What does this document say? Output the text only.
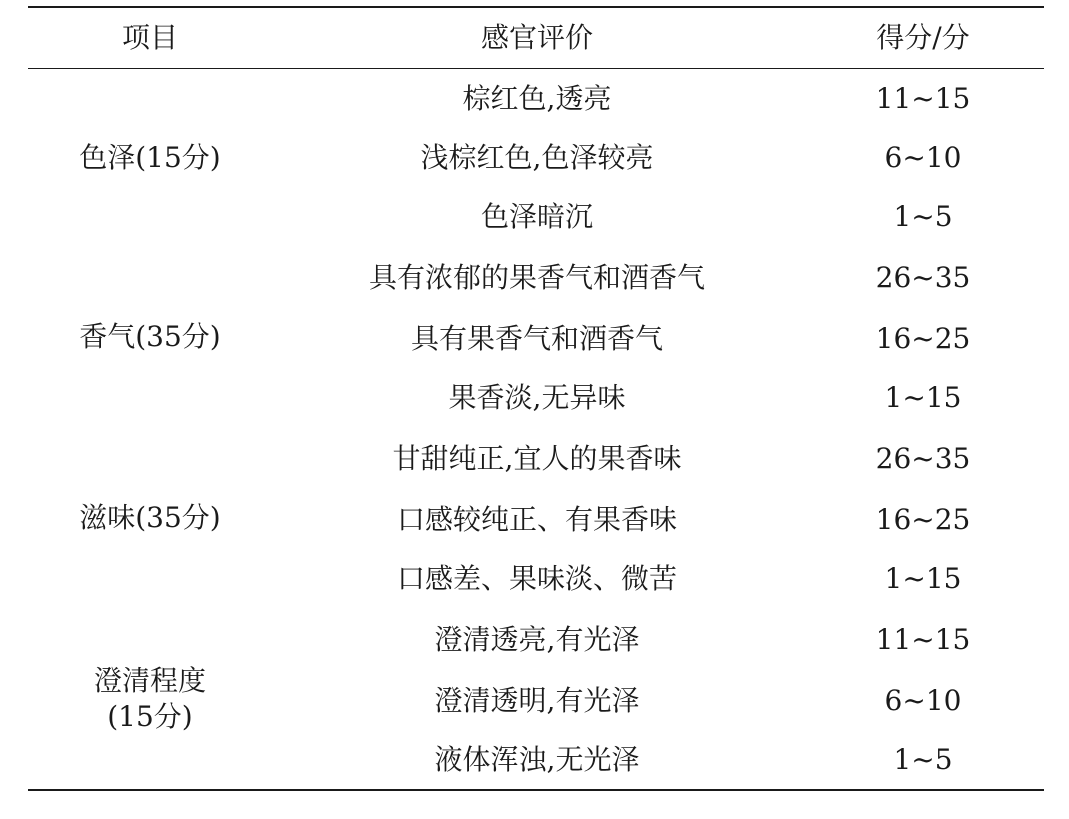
项目	感官评价	得分/分

色泽(15分)	棕红色,透亮	11~15
	浅棕红色,色泽较亮	6~10
	色泽暗沉	1~5
香气(35分)	具有浓郁的果香气和酒香气	26~35
	具有果香气和酒香气	16~25
	果香淡,无异味	1~15
滋味(35分)	甘甜纯正,宜人的果香味	26~35
	口感较纯正、有果香味	16~25
	口感差、果味淡、微苦	1~15

澄清程度
(15分)	澄清透亮,有光泽	11~15
	澄清透明,有光泽	6~10
	液体浑浊,无光泽	1~5
